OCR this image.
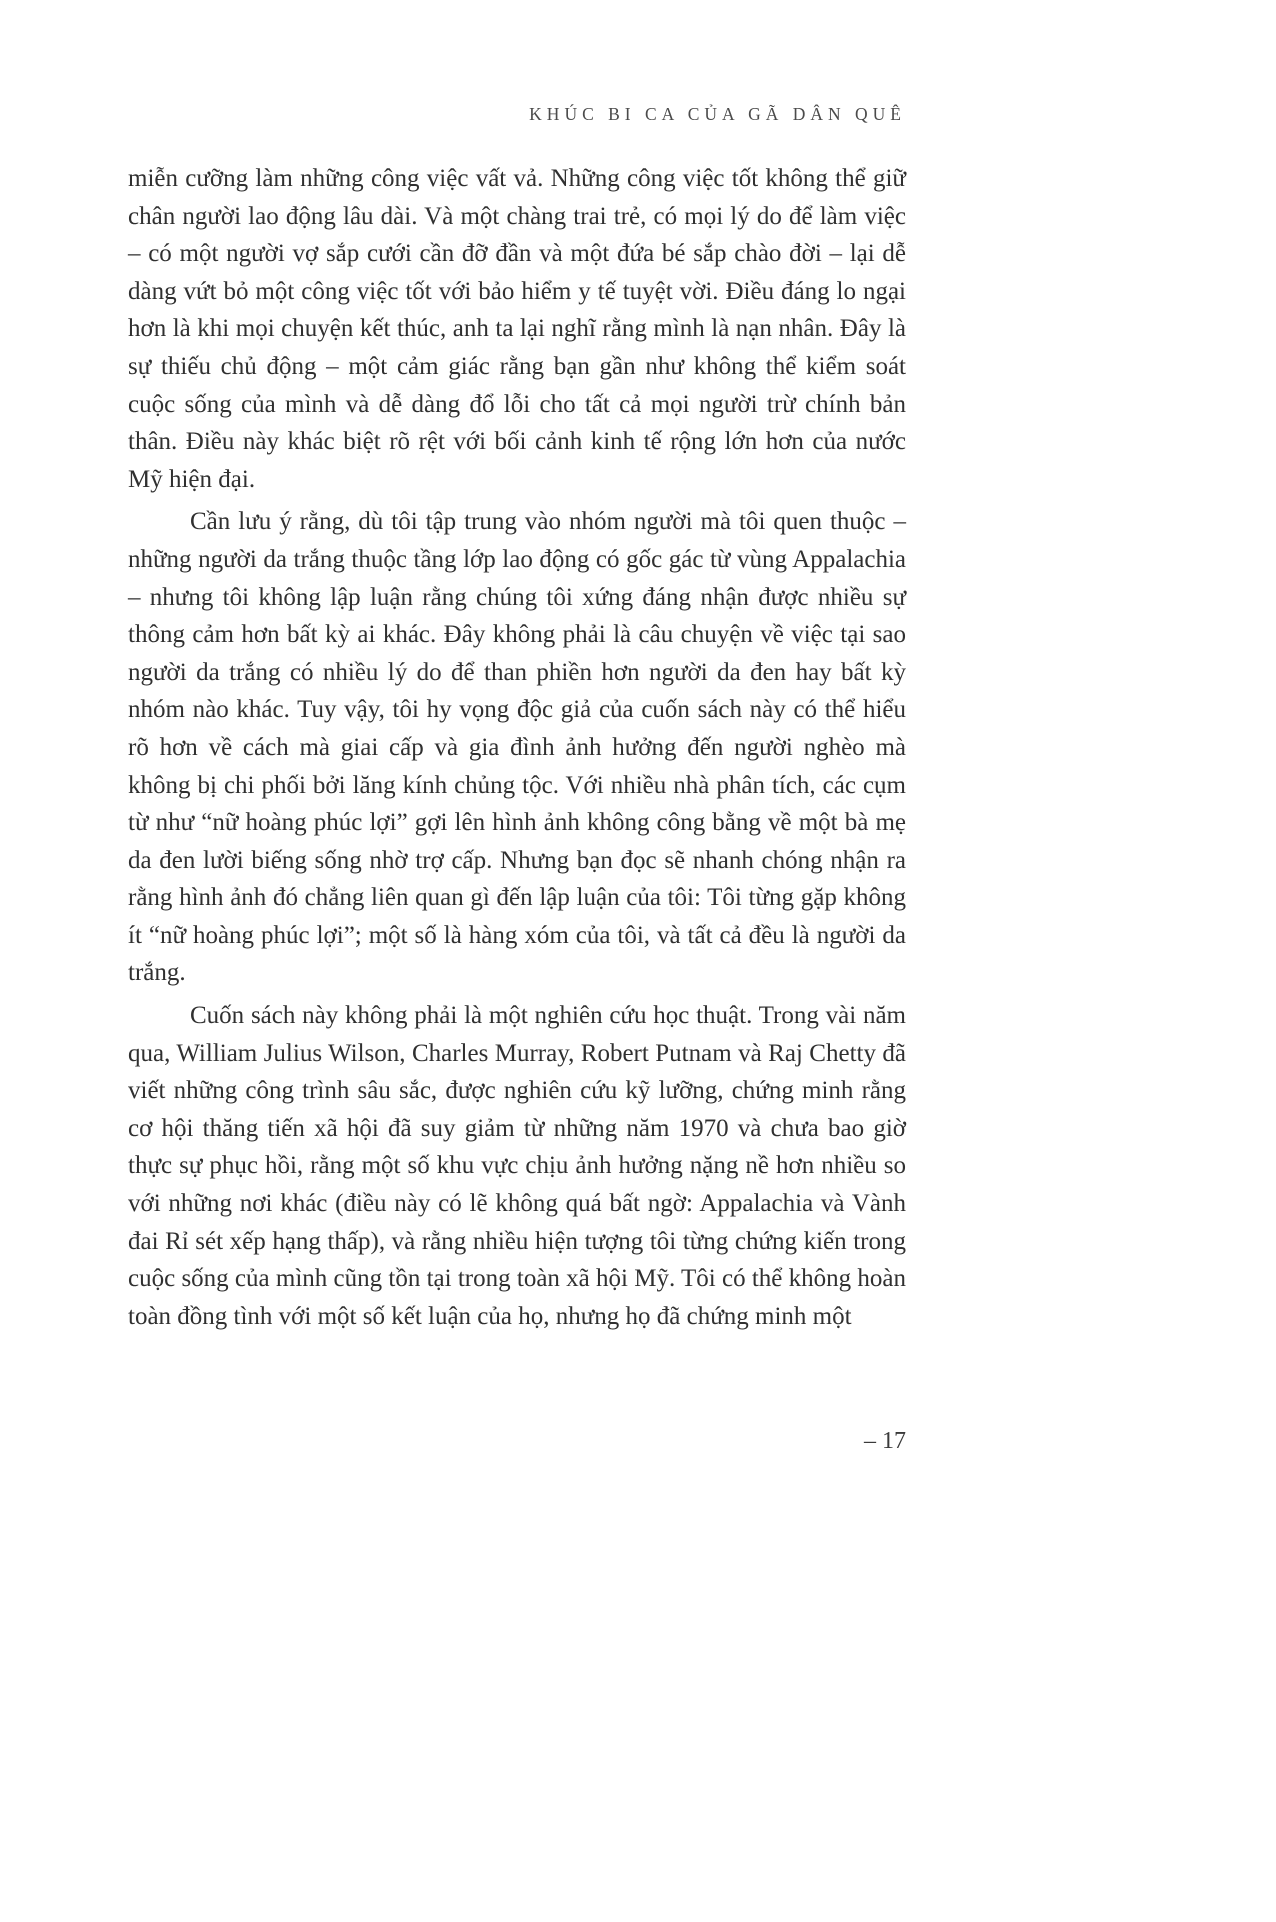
KHÚC BI CA CỦA GÃ DÂN QUÊ

miễn cưỡng làm những công việc vất vả. Những công việc tốt không thể giữ chân người lao động lâu dài. Và một chàng trai trẻ, có mọi lý do để làm việc – có một người vợ sắp cưới cần đỡ đần và một đứa bé sắp chào đời – lại dễ dàng vứt bỏ một công việc tốt với bảo hiểm y tế tuyệt vời. Điều đáng lo ngại hơn là khi mọi chuyện kết thúc, anh ta lại nghĩ rằng mình là nạn nhân. Đây là sự thiếu chủ động – một cảm giác rằng bạn gần như không thể kiểm soát cuộc sống của mình và dễ dàng đổ lỗi cho tất cả mọi người trừ chính bản thân. Điều này khác biệt rõ rệt với bối cảnh kinh tế rộng lớn hơn của nước Mỹ hiện đại.

Cần lưu ý rằng, dù tôi tập trung vào nhóm người mà tôi quen thuộc – những người da trắng thuộc tầng lớp lao động có gốc gác từ vùng Appalachia – nhưng tôi không lập luận rằng chúng tôi xứng đáng nhận được nhiều sự thông cảm hơn bất kỳ ai khác. Đây không phải là câu chuyện về việc tại sao người da trắng có nhiều lý do để than phiền hơn người da đen hay bất kỳ nhóm nào khác. Tuy vậy, tôi hy vọng độc giả của cuốn sách này có thể hiểu rõ hơn về cách mà giai cấp và gia đình ảnh hưởng đến người nghèo mà không bị chi phối bởi lăng kính chủng tộc. Với nhiều nhà phân tích, các cụm từ như “nữ hoàng phúc lợi” gợi lên hình ảnh không công bằng về một bà mẹ da đen lười biếng sống nhờ trợ cấp. Nhưng bạn đọc sẽ nhanh chóng nhận ra rằng hình ảnh đó chẳng liên quan gì đến lập luận của tôi: Tôi từng gặp không ít “nữ hoàng phúc lợi”; một số là hàng xóm của tôi, và tất cả đều là người da trắng.

Cuốn sách này không phải là một nghiên cứu học thuật. Trong vài năm qua, William Julius Wilson, Charles Murray, Robert Putnam và Raj Chetty đã viết những công trình sâu sắc, được nghiên cứu kỹ lưỡng, chứng minh rằng cơ hội thăng tiến xã hội đã suy giảm từ những năm 1970 và chưa bao giờ thực sự phục hồi, rằng một số khu vực chịu ảnh hưởng nặng nề hơn nhiều so với những nơi khác (điều này có lẽ không quá bất ngờ: Appalachia và Vành đai Rỉ sét xếp hạng thấp), và rằng nhiều hiện tượng tôi từng chứng kiến trong cuộc sống của mình cũng tồn tại trong toàn xã hội Mỹ. Tôi có thể không hoàn toàn đồng tình với một số kết luận của họ, nhưng họ đã chứng minh một

– 17
